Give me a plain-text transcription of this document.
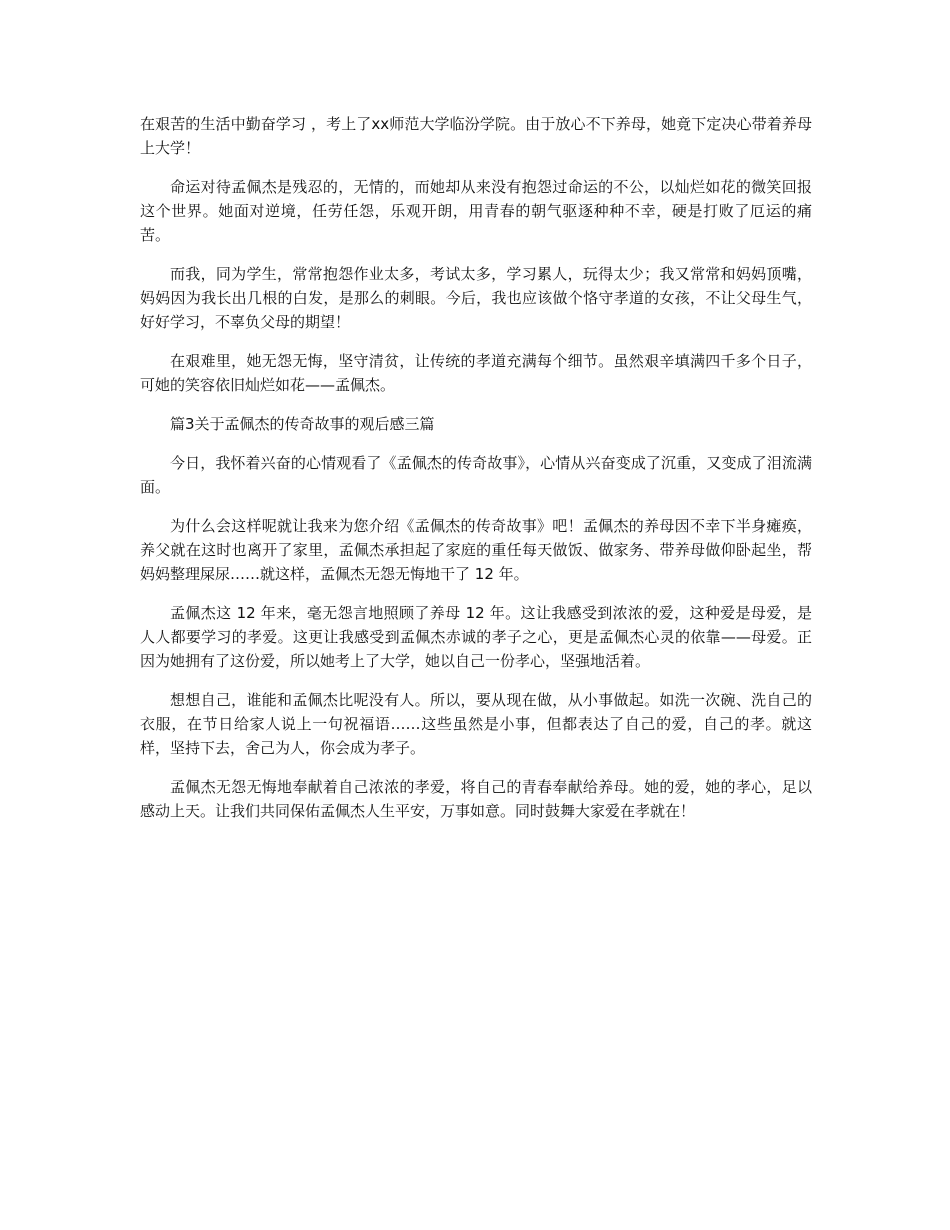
在艰苦的生活中勤奋学习 ，考上了xx师范大学临汾学院。由于放心不下养母，她竟下定决心带着养母上大学！

命运对待孟佩杰是残忍的，无情的，而她却从来没有抱怨过命运的不公，以灿烂如花的微笑回报这个世界。她面对逆境，任劳任怨，乐观开朗，用青春的朝气驱逐种种不幸，硬是打败了厄运的痛苦。

而我，同为学生，常常抱怨作业太多，考试太多，学习累人，玩得太少；我又常常和妈妈顶嘴，妈妈因为我长出几根的白发，是那么的刺眼。今后，我也应该做个恪守孝道的女孩，不让父母生气，好好学习，不辜负父母的期望！

在艰难里，她无怨无悔，坚守清贫，让传统的孝道充满每个细节。虽然艰辛填满四千多个日子，可她的笑容依旧灿烂如花——孟佩杰。

篇3关于孟佩杰的传奇故事的观后感三篇

今日，我怀着兴奋的心情观看了《孟佩杰的传奇故事》，心情从兴奋变成了沉重，又变成了泪流满面。

为什么会这样呢就让我来为您介绍《孟佩杰的传奇故事》吧！孟佩杰的养母因不幸下半身瘫痪，养父就在这时也离开了家里，孟佩杰承担起了家庭的重任每天做饭、做家务、带养母做仰卧起坐，帮妈妈整理屎尿……就这样，孟佩杰无怨无悔地干了 12 年。

孟佩杰这 12 年来，毫无怨言地照顾了养母 12 年。这让我感受到浓浓的爱，这种爱是母爱，是人人都要学习的孝爱。这更让我感受到孟佩杰赤诚的孝子之心，更是孟佩杰心灵的依靠——母爱。正因为她拥有了这份爱，所以她考上了大学，她以自己一份孝心，坚强地活着。

想想自己，谁能和孟佩杰比呢没有人。所以，要从现在做，从小事做起。如洗一次碗、洗自己的衣服，在节日给家人说上一句祝福语……这些虽然是小事，但都表达了自己的爱，自己的孝。就这样，坚持下去，舍己为人，你会成为孝子。

孟佩杰无怨无悔地奉献着自己浓浓的孝爱，将自己的青春奉献给养母。她的爱，她的孝心，足以感动上天。让我们共同保佑孟佩杰人生平安，万事如意。同时鼓舞大家爱在孝就在！
